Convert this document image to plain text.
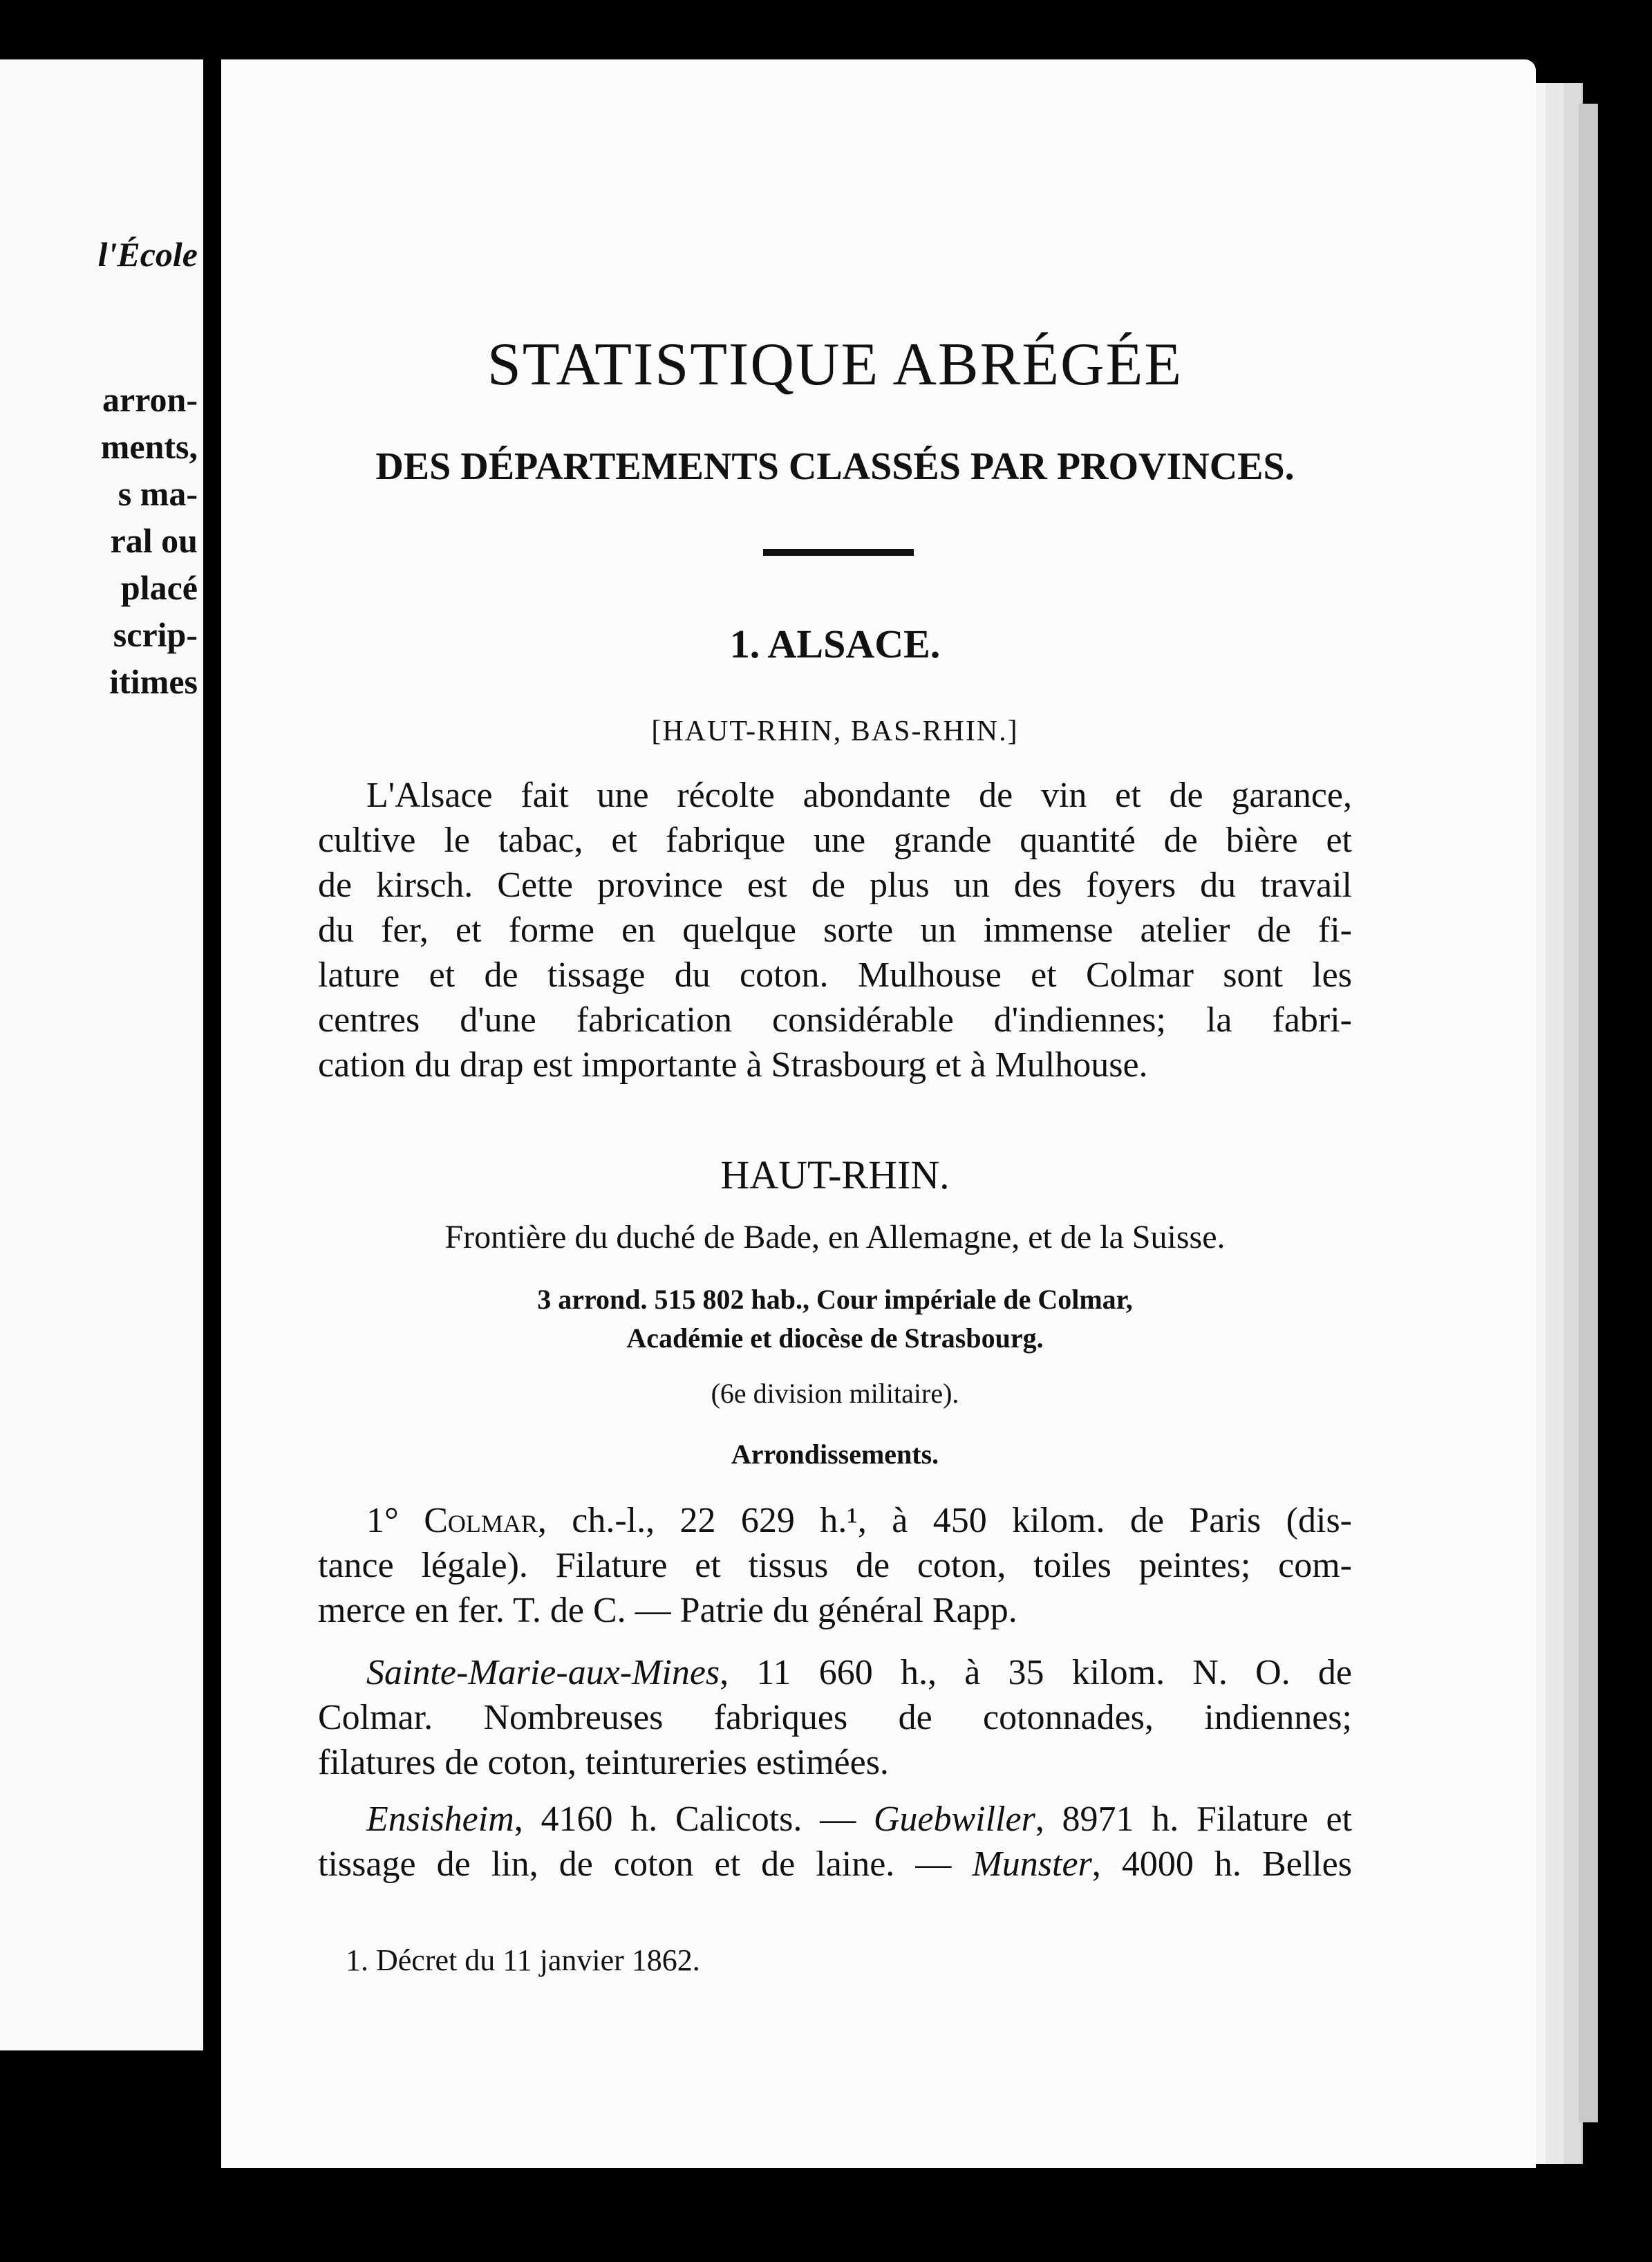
l'École
arron-
ments,
s ma-
ral ou
placé
scrip-
itimes
STATISTIQUE ABRÉGÉE
DES DÉPARTEMENTS CLASSÉS PAR PROVINCES.
1. ALSACE.
[HAUT-RHIN, BAS-RHIN.]
L'Alsace fait une récolte abondante de vin et de garance,
cultive le tabac, et fabrique une grande quantité de bière et
de kirsch. Cette province est de plus un des foyers du travail
du fer, et forme en quelque sorte un immense atelier de fi-
lature et de tissage du coton. Mulhouse et Colmar sont les
centres d'une fabrication considérable d'indiennes; la fabri-
cation du drap est importante à Strasbourg et à Mulhouse.
HAUT-RHIN.
Frontière du duché de Bade, en Allemagne, et de la Suisse.
3 arrond. 515 802 hab., Cour impériale de Colmar,
Académie et diocèse de Strasbourg.
(6e division militaire).
Arrondissements.
1° Colmar, ch.-l., 22 629 h.¹, à 450 kilom. de Paris (dis-
tance légale). Filature et tissus de coton, toiles peintes; com-
merce en fer. T. de C. — Patrie du général Rapp.
Sainte-Marie-aux-Mines, 11 660 h., à 35 kilom. N. O. de
Colmar. Nombreuses fabriques de cotonnades, indiennes;
filatures de coton, teintureries estimées.
Ensisheim, 4160 h. Calicots. — Guebwiller, 8971 h. Filature et
tissage de lin, de coton et de laine. — Munster, 4000 h. Belles
1. Décret du 11 janvier 1862.
